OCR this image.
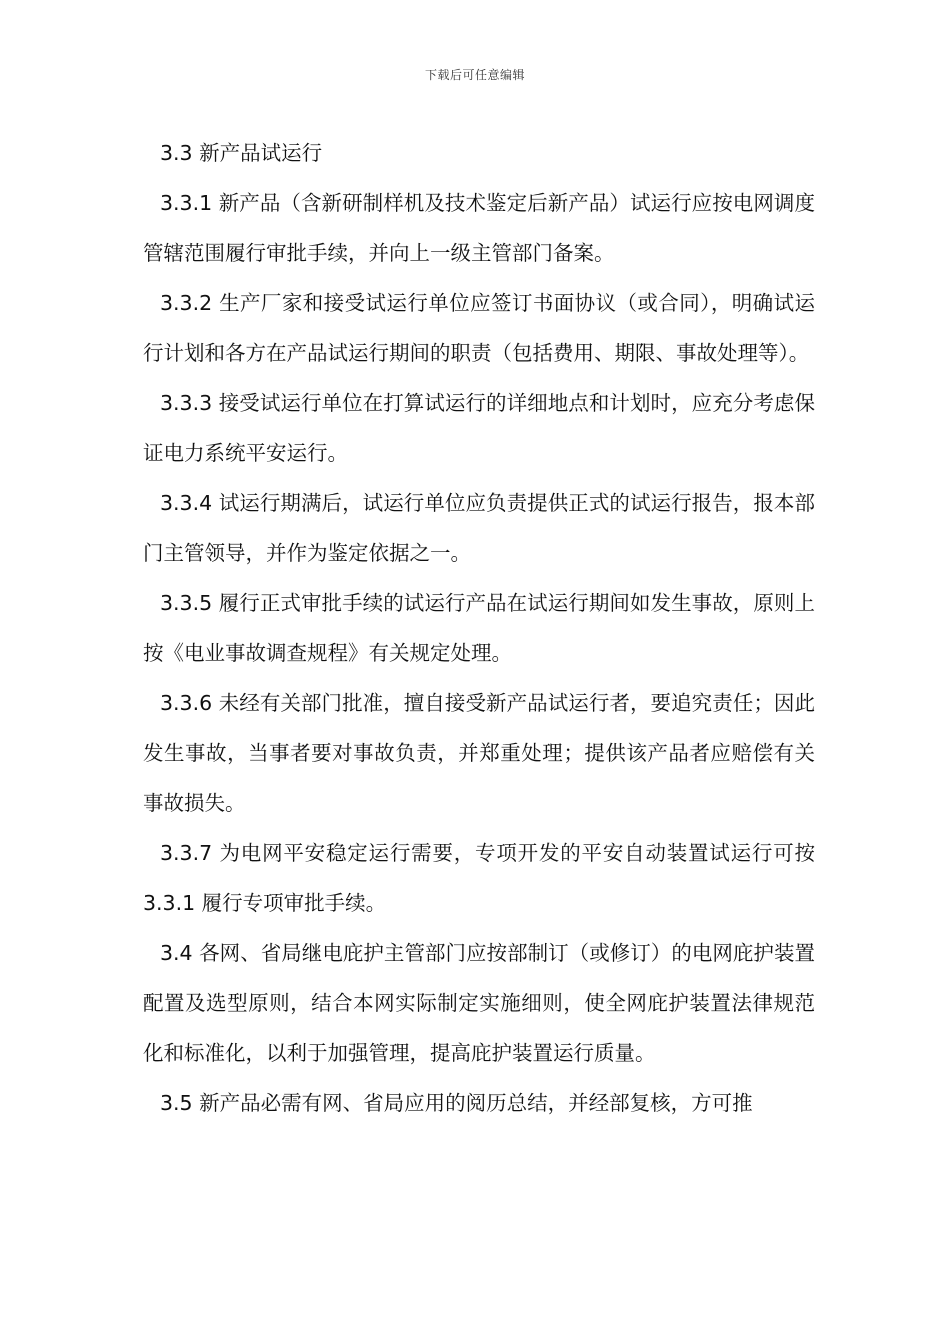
下载后可任意编辑

3.3 新产品试运行

3.3.1 新产品（含新研制样机及技术鉴定后新产品）试运行应按电网调度管辖范围履行审批手续，并向上一级主管部门备案。

3.3.2 生产厂家和接受试运行单位应签订书面协议（或合同），明确试运行计划和各方在产品试运行期间的职责（包括费用、期限、事故处理等）。

3.3.3 接受试运行单位在打算试运行的详细地点和计划时，应充分考虑保证电力系统平安运行。

3.3.4 试运行期满后，试运行单位应负责提供正式的试运行报告，报本部门主管领导，并作为鉴定依据之一。

3.3.5 履行正式审批手续的试运行产品在试运行期间如发生事故，原则上按《电业事故调查规程》有关规定处理。

3.3.6 未经有关部门批准，擅自接受新产品试运行者，要追究责任；因此发生事故，当事者要对事故负责，并郑重处理；提供该产品者应赔偿有关事故损失。

3.3.7 为电网平安稳定运行需要，专项开发的平安自动装置试运行可按 3.3.1 履行专项审批手续。

3.4 各网、省局继电庇护主管部门应按部制订（或修订）的电网庇护装置配置及选型原则，结合本网实际制定实施细则，使全网庇护装置法律规范化和标准化，以利于加强管理，提高庇护装置运行质量。

3.5 新产品必需有网、省局应用的阅历总结，并经部复核，方可推
